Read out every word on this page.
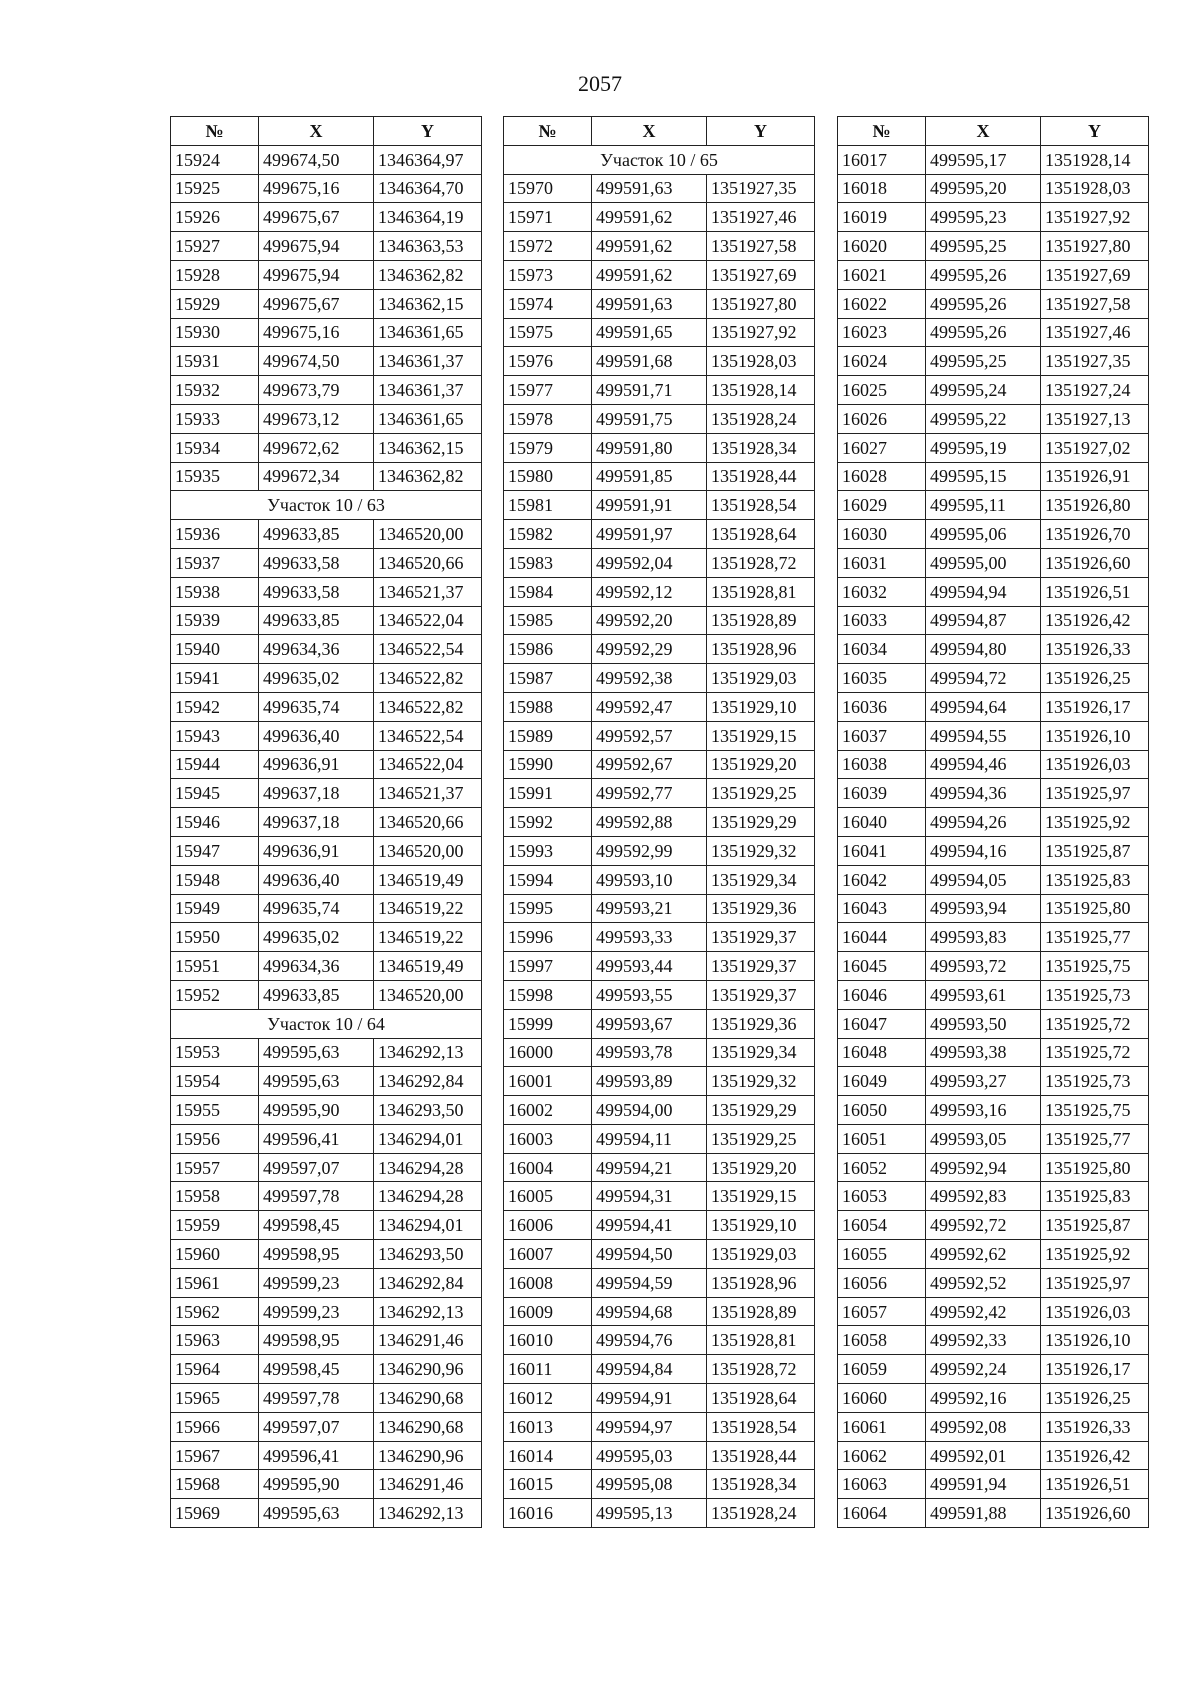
2057
№	X	Y
15924	499674,50	1346364,97
15925	499675,16	1346364,70
15926	499675,67	1346364,19
15927	499675,94	1346363,53
15928	499675,94	1346362,82
15929	499675,67	1346362,15
15930	499675,16	1346361,65
15931	499674,50	1346361,37
15932	499673,79	1346361,37
15933	499673,12	1346361,65
15934	499672,62	1346362,15
15935	499672,34	1346362,82
Участок 10 / 63		
15936	499633,85	1346520,00
15937	499633,58	1346520,66
15938	499633,58	1346521,37
15939	499633,85	1346522,04
15940	499634,36	1346522,54
15941	499635,02	1346522,82
15942	499635,74	1346522,82
15943	499636,40	1346522,54
15944	499636,91	1346522,04
15945	499637,18	1346521,37
15946	499637,18	1346520,66
15947	499636,91	1346520,00
15948	499636,40	1346519,49
15949	499635,74	1346519,22
15950	499635,02	1346519,22
15951	499634,36	1346519,49
15952	499633,85	1346520,00
Участок 10 / 64		
15953	499595,63	1346292,13
15954	499595,63	1346292,84
15955	499595,90	1346293,50
15956	499596,41	1346294,01
15957	499597,07	1346294,28
15958	499597,78	1346294,28
15959	499598,45	1346294,01
15960	499598,95	1346293,50
15961	499599,23	1346292,84
15962	499599,23	1346292,13
15963	499598,95	1346291,46
15964	499598,45	1346290,96
15965	499597,78	1346290,68
15966	499597,07	1346290,68
15967	499596,41	1346290,96
15968	499595,90	1346291,46
15969	499595,63	1346292,13
№	X	Y
Участок 10 / 65		
15970	499591,63	1351927,35
15971	499591,62	1351927,46
15972	499591,62	1351927,58
15973	499591,62	1351927,69
15974	499591,63	1351927,80
15975	499591,65	1351927,92
15976	499591,68	1351928,03
15977	499591,71	1351928,14
15978	499591,75	1351928,24
15979	499591,80	1351928,34
15980	499591,85	1351928,44
15981	499591,91	1351928,54
15982	499591,97	1351928,64
15983	499592,04	1351928,72
15984	499592,12	1351928,81
15985	499592,20	1351928,89
15986	499592,29	1351928,96
15987	499592,38	1351929,03
15988	499592,47	1351929,10
15989	499592,57	1351929,15
15990	499592,67	1351929,20
15991	499592,77	1351929,25
15992	499592,88	1351929,29
15993	499592,99	1351929,32
15994	499593,10	1351929,34
15995	499593,21	1351929,36
15996	499593,33	1351929,37
15997	499593,44	1351929,37
15998	499593,55	1351929,37
15999	499593,67	1351929,36
16000	499593,78	1351929,34
16001	499593,89	1351929,32
16002	499594,00	1351929,29
16003	499594,11	1351929,25
16004	499594,21	1351929,20
16005	499594,31	1351929,15
16006	499594,41	1351929,10
16007	499594,50	1351929,03
16008	499594,59	1351928,96
16009	499594,68	1351928,89
16010	499594,76	1351928,81
16011	499594,84	1351928,72
16012	499594,91	1351928,64
16013	499594,97	1351928,54
16014	499595,03	1351928,44
16015	499595,08	1351928,34
16016	499595,13	1351928,24
№	X	Y
16017	499595,17	1351928,14
16018	499595,20	1351928,03
16019	499595,23	1351927,92
16020	499595,25	1351927,80
16021	499595,26	1351927,69
16022	499595,26	1351927,58
16023	499595,26	1351927,46
16024	499595,25	1351927,35
16025	499595,24	1351927,24
16026	499595,22	1351927,13
16027	499595,19	1351927,02
16028	499595,15	1351926,91
16029	499595,11	1351926,80
16030	499595,06	1351926,70
16031	499595,00	1351926,60
16032	499594,94	1351926,51
16033	499594,87	1351926,42
16034	499594,80	1351926,33
16035	499594,72	1351926,25
16036	499594,64	1351926,17
16037	499594,55	1351926,10
16038	499594,46	1351926,03
16039	499594,36	1351925,97
16040	499594,26	1351925,92
16041	499594,16	1351925,87
16042	499594,05	1351925,83
16043	499593,94	1351925,80
16044	499593,83	1351925,77
16045	499593,72	1351925,75
16046	499593,61	1351925,73
16047	499593,50	1351925,72
16048	499593,38	1351925,72
16049	499593,27	1351925,73
16050	499593,16	1351925,75
16051	499593,05	1351925,77
16052	499592,94	1351925,80
16053	499592,83	1351925,83
16054	499592,72	1351925,87
16055	499592,62	1351925,92
16056	499592,52	1351925,97
16057	499592,42	1351926,03
16058	499592,33	1351926,10
16059	499592,24	1351926,17
16060	499592,16	1351926,25
16061	499592,08	1351926,33
16062	499592,01	1351926,42
16063	499591,94	1351926,51
16064	499591,88	1351926,60
